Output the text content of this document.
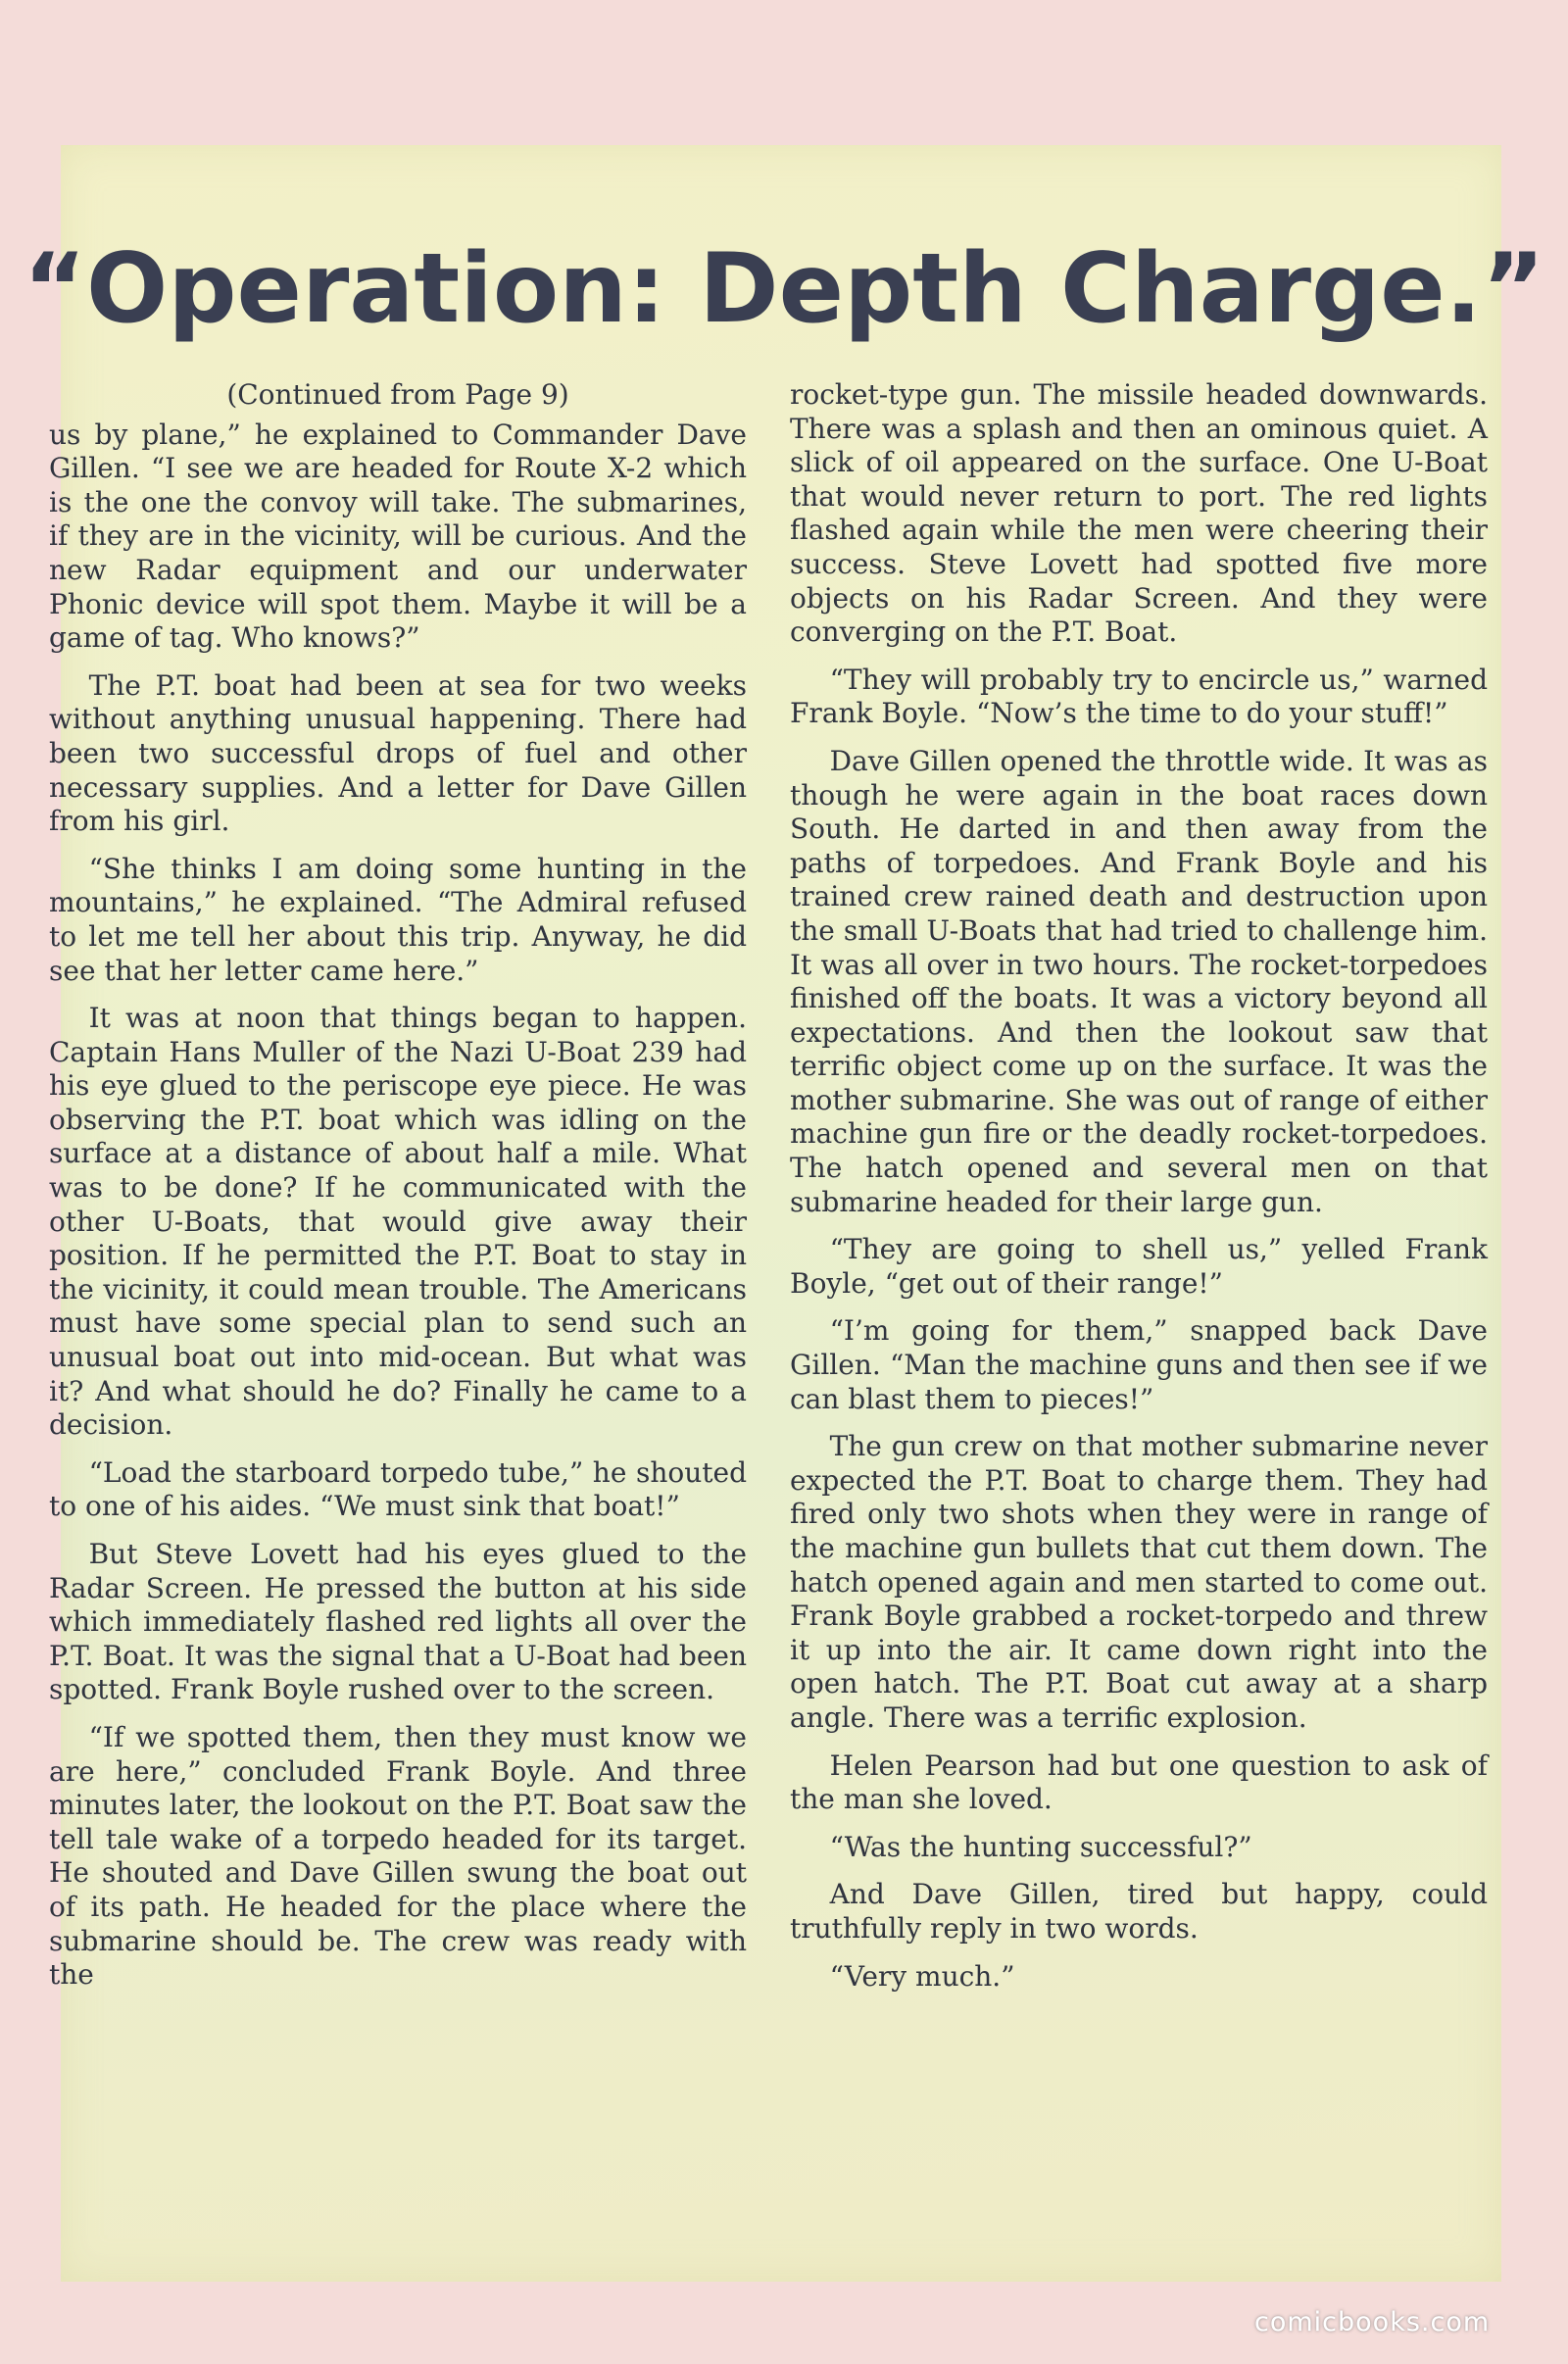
“Operation: Depth Charge.”

(Continued from Page 9)

us by plane,” he explained to Commander Dave Gillen. “I see we are headed for Route X-2 which is the one the convoy will take. The submarines, if they are in the vicinity, will be curious. And the new Radar equipment and our underwater Phonic device will spot them. Maybe it will be a game of tag. Who knows?”

The P.T. boat had been at sea for two weeks without anything unusual happening. There had been two successful drops of fuel and other necessary supplies. And a letter for Dave Gillen from his girl.

“She thinks I am doing some hunting in the mountains,” he explained. “The Admiral refused to let me tell her about this trip. Anyway, he did see that her letter came here.”

It was at noon that things began to happen. Captain Hans Muller of the Nazi U-Boat 239 had his eye glued to the periscope eye piece. He was observing the P.T. boat which was idling on the surface at a distance of about half a mile. What was to be done? If he communicated with the other U-Boats, that would give away their position. If he permitted the P.T. Boat to stay in the vicinity, it could mean trouble. The Americans must have some special plan to send such an unusual boat out into mid-ocean. But what was it? And what should he do? Finally he came to a decision.

“Load the starboard torpedo tube,” he shouted to one of his aides. “We must sink that boat!”

But Steve Lovett had his eyes glued to the Radar Screen. He pressed the button at his side which immediately flashed red lights all over the P.T. Boat. It was the signal that a U-Boat had been spotted. Frank Boyle rushed over to the screen.

“If we spotted them, then they must know we are here,” concluded Frank Boyle. And three minutes later, the lookout on the P.T. Boat saw the tell tale wake of a torpedo headed for its target. He shouted and Dave Gillen swung the boat out of its path. He headed for the place where the submarine should be. The crew was ready with the

rocket-type gun. The missile headed downwards. There was a splash and then an ominous quiet. A slick of oil appeared on the surface. One U-Boat that would never return to port. The red lights flashed again while the men were cheering their success. Steve Lovett had spotted five more objects on his Radar Screen. And they were converging on the P.T. Boat.

“They will probably try to encircle us,” warned Frank Boyle. “Now’s the time to do your stuff!”

Dave Gillen opened the throttle wide. It was as though he were again in the boat races down South. He darted in and then away from the paths of torpedoes. And Frank Boyle and his trained crew rained death and destruction upon the small U-Boats that had tried to challenge him. It was all over in two hours. The rocket-torpedoes finished off the boats. It was a victory beyond all expectations. And then the lookout saw that terrific object come up on the surface. It was the mother submarine. She was out of range of either machine gun fire or the deadly rocket-torpedoes. The hatch opened and several men on that submarine headed for their large gun.

“They are going to shell us,” yelled Frank Boyle, “get out of their range!”

“I’m going for them,” snapped back Dave Gillen. “Man the machine guns and then see if we can blast them to pieces!”

The gun crew on that mother submarine never expected the P.T. Boat to charge them. They had fired only two shots when they were in range of the machine gun bullets that cut them down. The hatch opened again and men started to come out. Frank Boyle grabbed a rocket-torpedo and threw it up into the air. It came down right into the open hatch. The P.T. Boat cut away at a sharp angle. There was a terrific explosion.

Helen Pearson had but one question to ask of the man she loved.

“Was the hunting successful?”

And Dave Gillen, tired but happy, could truthfully reply in two words.

“Very much.”

comicbooks.com
